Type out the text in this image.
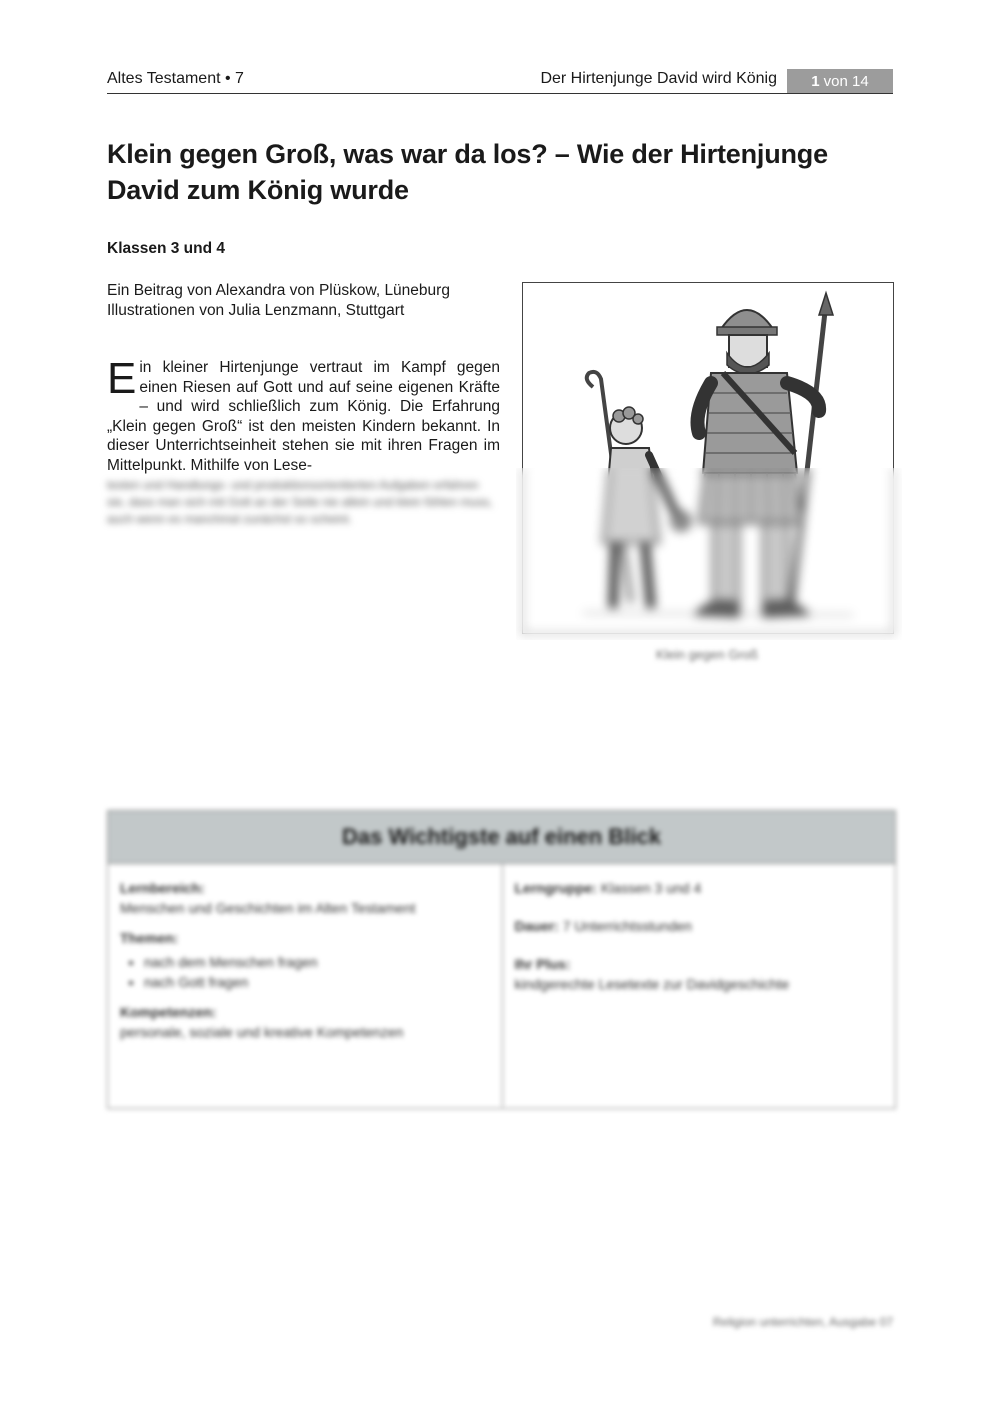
Altes Testament • 7	Der Hirtenjunge David wird König 1 von 14
Klein gegen Groß, was war da los? – Wie der Hirtenjunge David zum König wurde
Klassen 3 und 4
Ein Beitrag von Alexandra von Plüskow, Lüneburg
Illustrationen von Julia Lenzmann, Stuttgart
E in kleiner Hirtenjunge vertraut im Kampf gegen einen Riesen auf Gott und auf seine eigenen Kräfte – und wird schließlich zum König. Die Erfahrung „Klein gegen Groß“ ist den meisten Kindern bekannt. In dieser Unterrichtseinheit stehen sie mit ihren Fragen im Mittelpunkt. Mithilfe von Lese-
texten und Handlungs- und produktionsorientierten Aufgaben erfahren sie, dass man sich mit Gott an der Seite nie allein und klein fühlen muss, auch wenn es manchmal zunächst so scheint.
Klein gegen Groß
Das Wichtigste auf einen Blick
Lernbereich:
Menschen und Geschichten im Alten Testament
Themen:
• nach dem Menschen fragen
• nach Gott fragen
Kompetenzen:
personale, soziale und kreative Kompetenzen
Lerngruppe: Klassen 3 und 4
Dauer: 7 Unterrichtsstunden
Ihr Plus:
kindgerechte Lesetexte zur Davidgeschichte
Religion unterrichten, Ausgabe 07
